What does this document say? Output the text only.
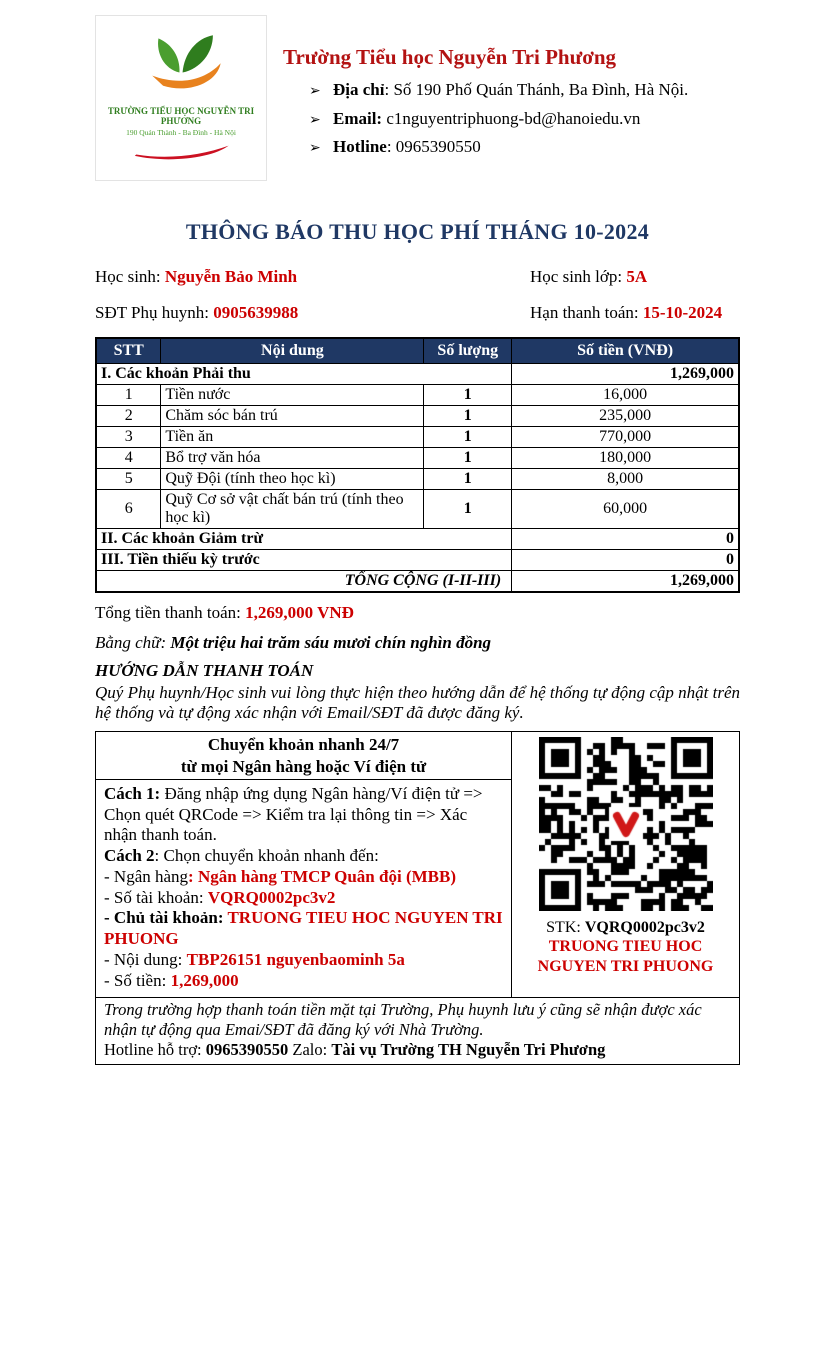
TRƯỜNG TIỂU HỌC NGUYỄN TRI PHƯƠNG
190 Quán Thành - Ba Đình - Hà Nội
Trường Tiểu học Nguyễn Tri Phương
➢ Địa chỉ: Số 190 Phố Quán Thánh, Ba Đình, Hà Nội.
➢ Email: c1nguyentriphuong-bd@hanoiedu.vn
➢ Hotline: 0965390550
THÔNG BÁO THU HỌC PHÍ THÁNG 10-2024
Học sinh: Nguyễn Bảo Minh	Học sinh lớp: 5A
SĐT Phụ huynh: 0905639988	Hạn thanh toán: 15-10-2024
STT	Nội dung	Số lượng	Số tiền (VNĐ)
I. Các khoản Phải thu			1,269,000
1	Tiền nước	1	16,000
2	Chăm sóc bán trú	1	235,000
3	Tiền ăn	1	770,000
4	Bổ trợ văn hóa	1	180,000
5	Quỹ Đội (tính theo học kì)	1	8,000
6	Quỹ Cơ sở vật chất bán trú (tính theo học kì)	1	60,000
II. Các khoản Giảm trừ			0
III. Tiền thiếu kỳ trước			0
TỔNG CỘNG (I-II-III)			1,269,000
Tổng tiền thanh toán: 1,269,000 VNĐ
Bằng chữ: Một triệu hai trăm sáu mươi chín nghìn đồng
HƯỚNG DẪN THANH TOÁN
Quý Phụ huynh/Học sinh vui lòng thực hiện theo hướng dẫn để hệ thống tự động cập nhật trên hệ thống và tự động xác nhận với Email/SĐT đã được đăng ký.
Chuyển khoản nhanh 24/7
từ mọi Ngân hàng hoặc Ví điện tử
Cách 1: Đăng nhập ứng dụng Ngân hàng/Ví điện tử => Chọn quét QRCode => Kiểm tra lại thông tin => Xác nhận thanh toán.
Cách 2: Chọn chuyển khoản nhanh đến:
- Ngân hàng: Ngân hàng TMCP Quân đội (MBB)
- Số tài khoản: VQRQ0002pc3v2
- Chủ tài khoản: TRUONG TIEU HOC NGUYEN TRI PHUONG
- Nội dung: TBP26151 nguyenbaominh 5a
- Số tiền: 1,269,000
STK: VQRQ0002pc3v2
TRUONG TIEU HOC NGUYEN TRI PHUONG
Trong trường hợp thanh toán tiền mặt tại Trường, Phụ huynh lưu ý cũng sẽ nhận được xác nhận tự động qua Emai/SĐT đã đăng ký với Nhà Trường.
Hotline hỗ trợ: 0965390550 Zalo: Tài vụ Trường TH Nguyễn Tri Phương
